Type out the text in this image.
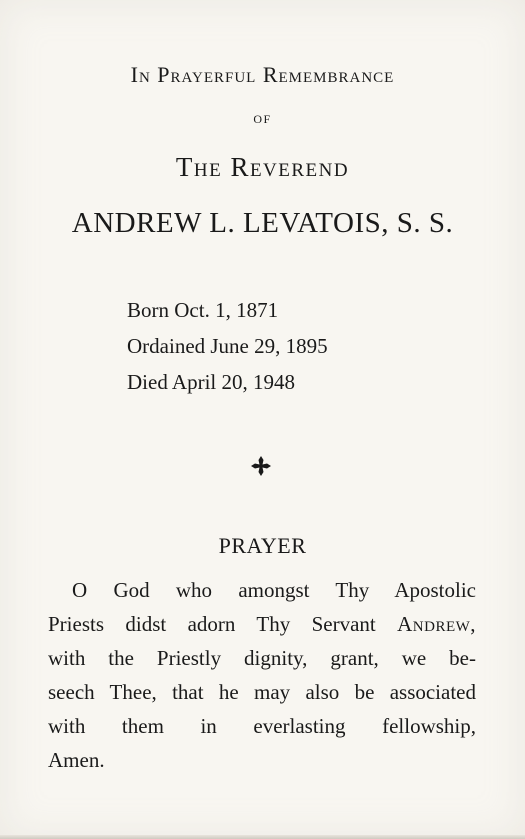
In Prayerful Remembrance
of
The Reverend
ANDREW L. LEVATOIS, S. S.
Born Oct. 1, 1871
Ordained June 29, 1895
Died April 20, 1948
PRAYER
O God who amongst Thy Apostolic
Priests didst adorn Thy Servant Andrew,
with the Priestly dignity, grant, we be-
seech Thee, that he may also be associated
with them in everlasting fellowship,
Amen.
